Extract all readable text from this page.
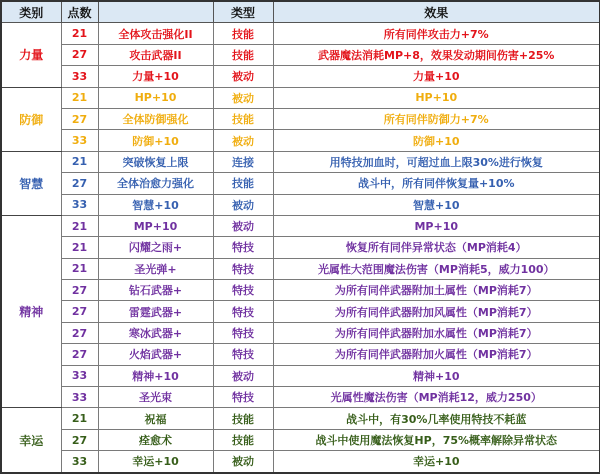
类别	点数		类型	效果
力量	21	全体攻击强化II	技能	所有同伴攻击力+7%
	27	攻击武器II	技能	武器魔法消耗MP+8，效果发动期间伤害+25%
	33	力量+10	被动	力量+10
防御	21	HP+10	被动	HP+10
	27	全体防御强化	技能	所有同伴防御力+7%
	33	防御+10	被动	防御+10
智慧	21	突破恢复上限	连接	用特技加血时，可超过血上限30%进行恢复
	27	全体治愈力强化	技能	战斗中，所有同伴恢复量+10%
	33	智慧+10	被动	智慧+10
精神	21	MP+10	被动	MP+10
	21	闪耀之雨+	特技	恢复所有同伴异常状态（MP消耗4）
	21	圣光弹+	特技	光属性大范围魔法伤害（MP消耗5，威力100）
	27	钻石武器+	特技	为所有同伴武器附加土属性（MP消耗7）
	27	雷霆武器+	特技	为所有同伴武器附加风属性（MP消耗7）
	27	寒冰武器+	特技	为所有同伴武器附加水属性（MP消耗7）
	27	火焰武器+	特技	为所有同伴武器附加火属性（MP消耗7）
	33	精神+10	被动	精神+10
	33	圣光束	特技	光属性魔法伤害（MP消耗12，威力250）
幸运	21	祝福	技能	战斗中，有30%几率使用特技不耗蓝
	27	痊愈术	技能	战斗中使用魔法恢复HP，75%概率解除异常状态
	33	幸运+10	被动	幸运+10
